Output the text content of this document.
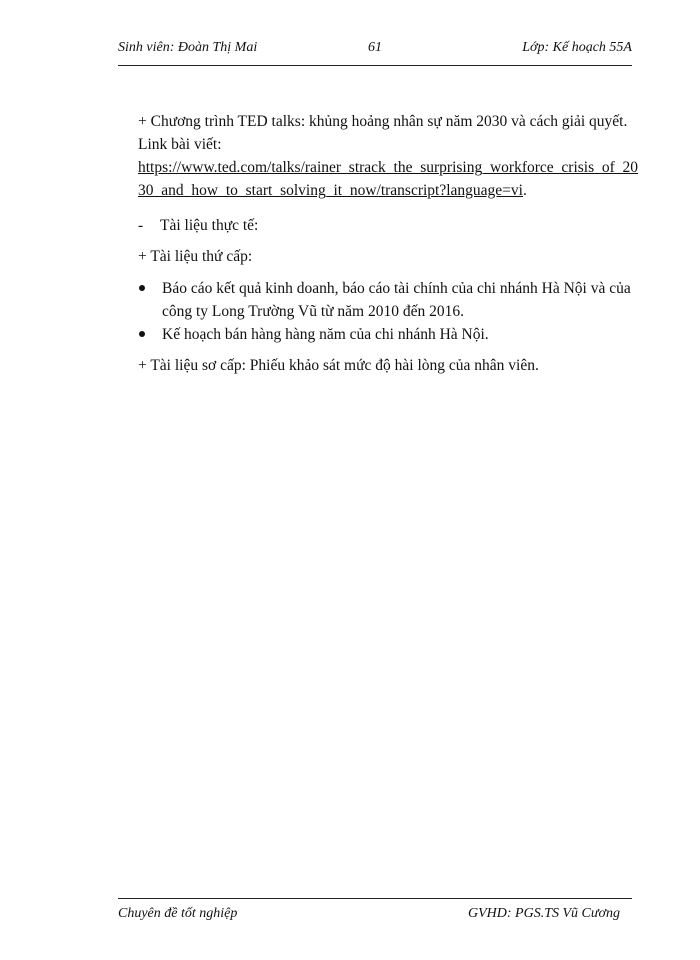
Sinh viên: Đoàn Thị Mai	61	Lớp: Kế hoạch 55A

+ Chương trình TED talks: khủng hoảng nhân sự năm 2030 và cách giải quyết.

Link bài viết:

https://www.ted.com/talks/rainer_strack_the_surprising_workforce_crisis_of_20

30_and_how_to_start_solving_it_now/transcript?language=vi.

- Tài liệu thực tế:

+ Tài liệu thứ cấp:

Báo cáo kết quả kinh doanh, báo cáo tài chính của chi nhánh Hà Nội và của công ty Long Trường Vũ từ năm 2010 đến 2016.
Kế hoạch bán hàng hàng năm của chi nhánh Hà Nội.

+ Tài liệu sơ cấp: Phiếu khảo sát mức độ hài lòng của nhân viên.

Chuyên đề tốt nghiệp	GVHD: PGS.TS Vũ Cương
